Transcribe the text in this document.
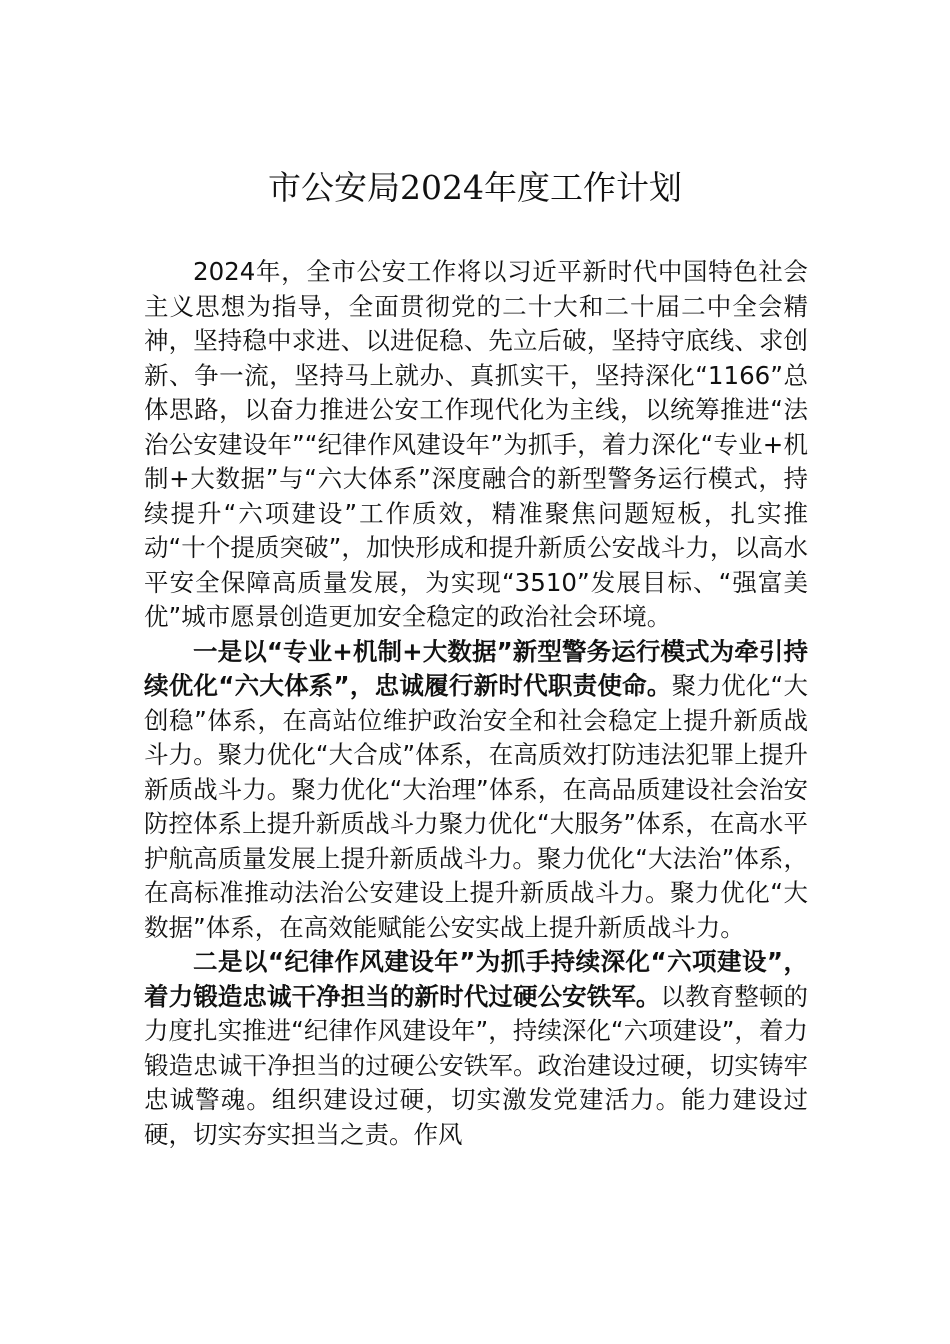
市公安局2024年度工作计划

2024年，全市公安工作将以习近平新时代中国特色社会主义思想为指导，全面贯彻党的二十大和二十届二中全会精神，坚持稳中求进、以进促稳、先立后破，坚持守底线、求创新、争一流，坚持马上就办、真抓实干，坚持深化“1166”总体思路，以奋力推进公安工作现代化为主线，以统筹推进“法治公安建设年”“纪律作风建设年”为抓手，着力深化“专业+机制+大数据”与“六大体系”深度融合的新型警务运行模式，持续提升“六项建设”工作质效，精准聚焦问题短板，扎实推动“十个提质突破”，加快形成和提升新质公安战斗力，以高水平安全保障高质量发展，为实现“3510”发展目标、“强富美优”城市愿景创造更加安全稳定的政治社会环境。

一是以“专业+机制+大数据”新型警务运行模式为牵引持续优化“六大体系”，忠诚履行新时代职责使命。聚力优化“大创稳”体系，在高站位维护政治安全和社会稳定上提升新质战斗力。聚力优化“大合成”体系，在高质效打防违法犯罪上提升新质战斗力。聚力优化“大治理”体系，在高品质建设社会治安防控体系上提升新质战斗力聚力优化“大服务”体系，在高水平护航高质量发展上提升新质战斗力。聚力优化“大法治”体系，在高标准推动法治公安建设上提升新质战斗力。聚力优化“大数据”体系，在高效能赋能公安实战上提升新质战斗力。

二是以“纪律作风建设年”为抓手持续深化“六项建设”，着力锻造忠诚干净担当的新时代过硬公安铁军。以教育整顿的力度扎实推进“纪律作风建设年”，持续深化“六项建设”，着力锻造忠诚干净担当的过硬公安铁军。政治建设过硬，切实铸牢忠诚警魂。组织建设过硬，切实激发党建活力。能力建设过硬，切实夯实担当之责。作风
